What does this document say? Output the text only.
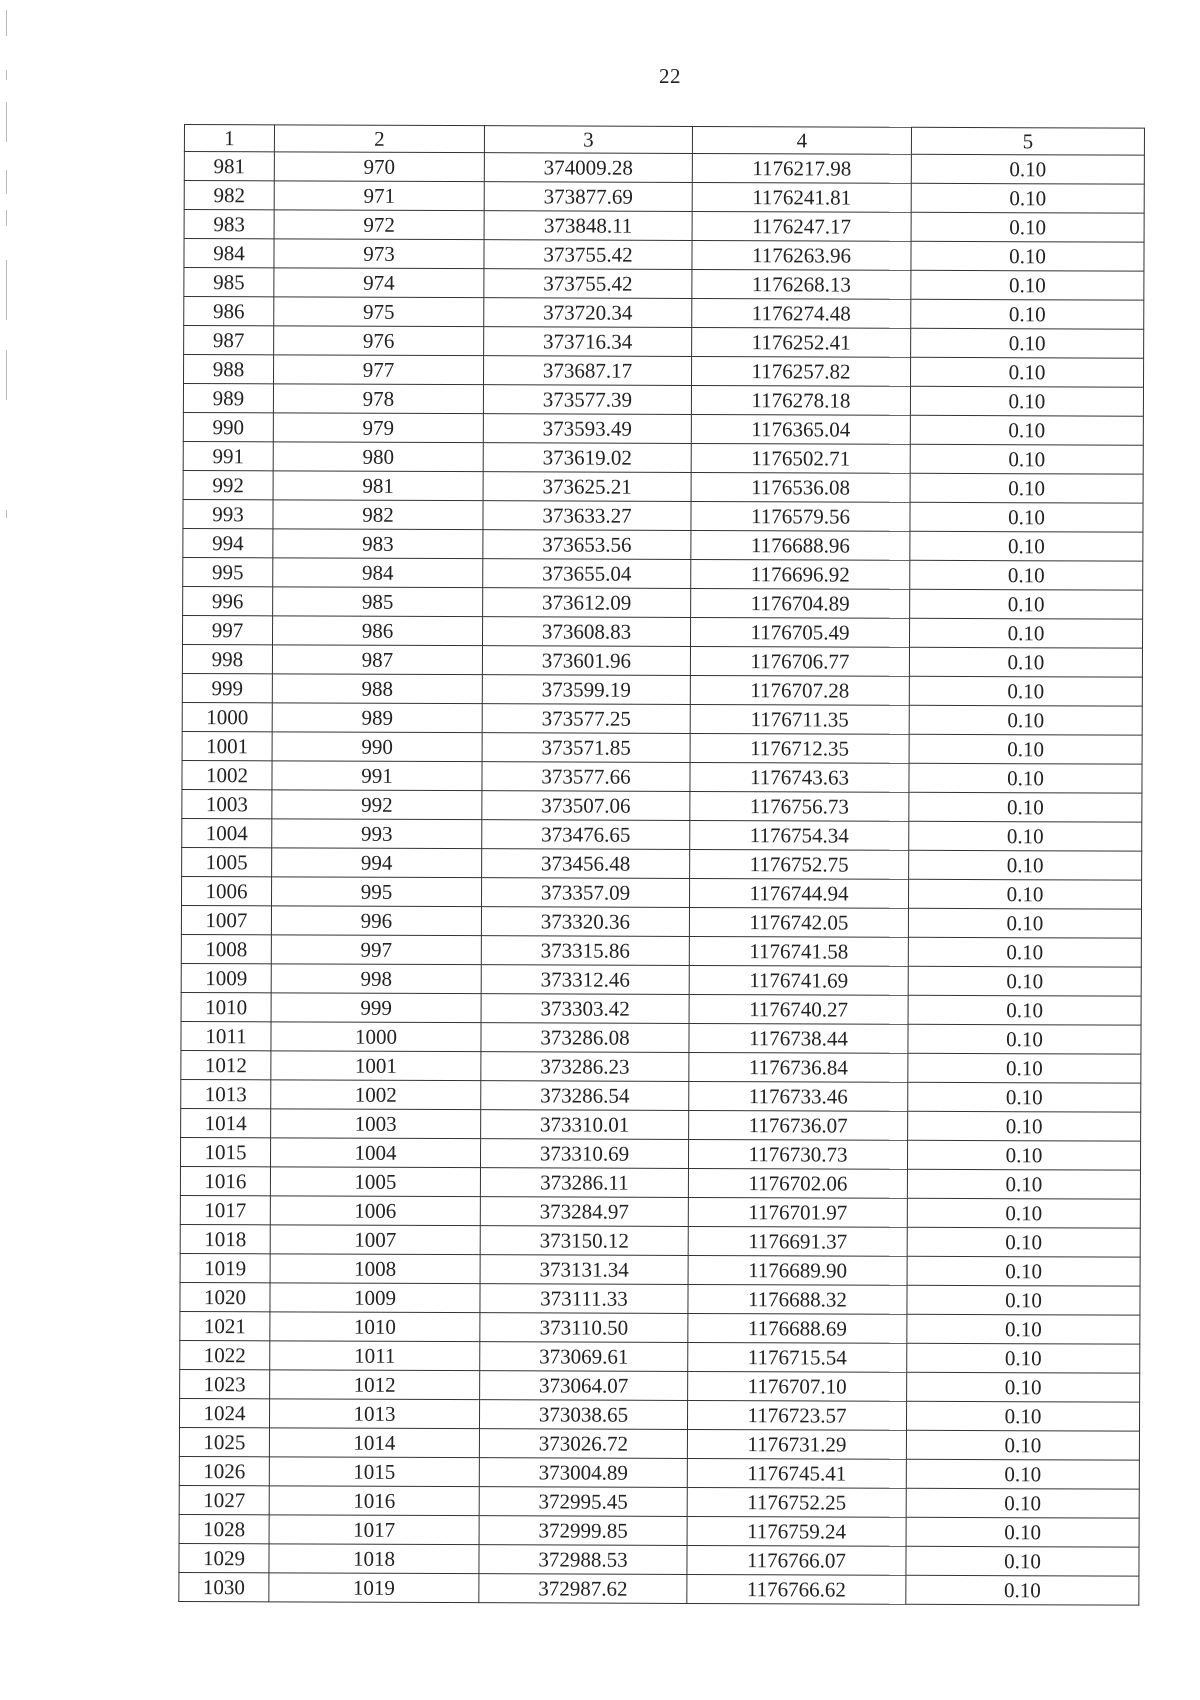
22
1	2	3	4	5
981	970	374009.28	1176217.98	0.10
982	971	373877.69	1176241.81	0.10
983	972	373848.11	1176247.17	0.10
984	973	373755.42	1176263.96	0.10
985	974	373755.42	1176268.13	0.10
986	975	373720.34	1176274.48	0.10
987	976	373716.34	1176252.41	0.10
988	977	373687.17	1176257.82	0.10
989	978	373577.39	1176278.18	0.10
990	979	373593.49	1176365.04	0.10
991	980	373619.02	1176502.71	0.10
992	981	373625.21	1176536.08	0.10
993	982	373633.27	1176579.56	0.10
994	983	373653.56	1176688.96	0.10
995	984	373655.04	1176696.92	0.10
996	985	373612.09	1176704.89	0.10
997	986	373608.83	1176705.49	0.10
998	987	373601.96	1176706.77	0.10
999	988	373599.19	1176707.28	0.10
1000	989	373577.25	1176711.35	0.10
1001	990	373571.85	1176712.35	0.10
1002	991	373577.66	1176743.63	0.10
1003	992	373507.06	1176756.73	0.10
1004	993	373476.65	1176754.34	0.10
1005	994	373456.48	1176752.75	0.10
1006	995	373357.09	1176744.94	0.10
1007	996	373320.36	1176742.05	0.10
1008	997	373315.86	1176741.58	0.10
1009	998	373312.46	1176741.69	0.10
1010	999	373303.42	1176740.27	0.10
1011	1000	373286.08	1176738.44	0.10
1012	1001	373286.23	1176736.84	0.10
1013	1002	373286.54	1176733.46	0.10
1014	1003	373310.01	1176736.07	0.10
1015	1004	373310.69	1176730.73	0.10
1016	1005	373286.11	1176702.06	0.10
1017	1006	373284.97	1176701.97	0.10
1018	1007	373150.12	1176691.37	0.10
1019	1008	373131.34	1176689.90	0.10
1020	1009	373111.33	1176688.32	0.10
1021	1010	373110.50	1176688.69	0.10
1022	1011	373069.61	1176715.54	0.10
1023	1012	373064.07	1176707.10	0.10
1024	1013	373038.65	1176723.57	0.10
1025	1014	373026.72	1176731.29	0.10
1026	1015	373004.89	1176745.41	0.10
1027	1016	372995.45	1176752.25	0.10
1028	1017	372999.85	1176759.24	0.10
1029	1018	372988.53	1176766.07	0.10
1030	1019	372987.62	1176766.62	0.10
